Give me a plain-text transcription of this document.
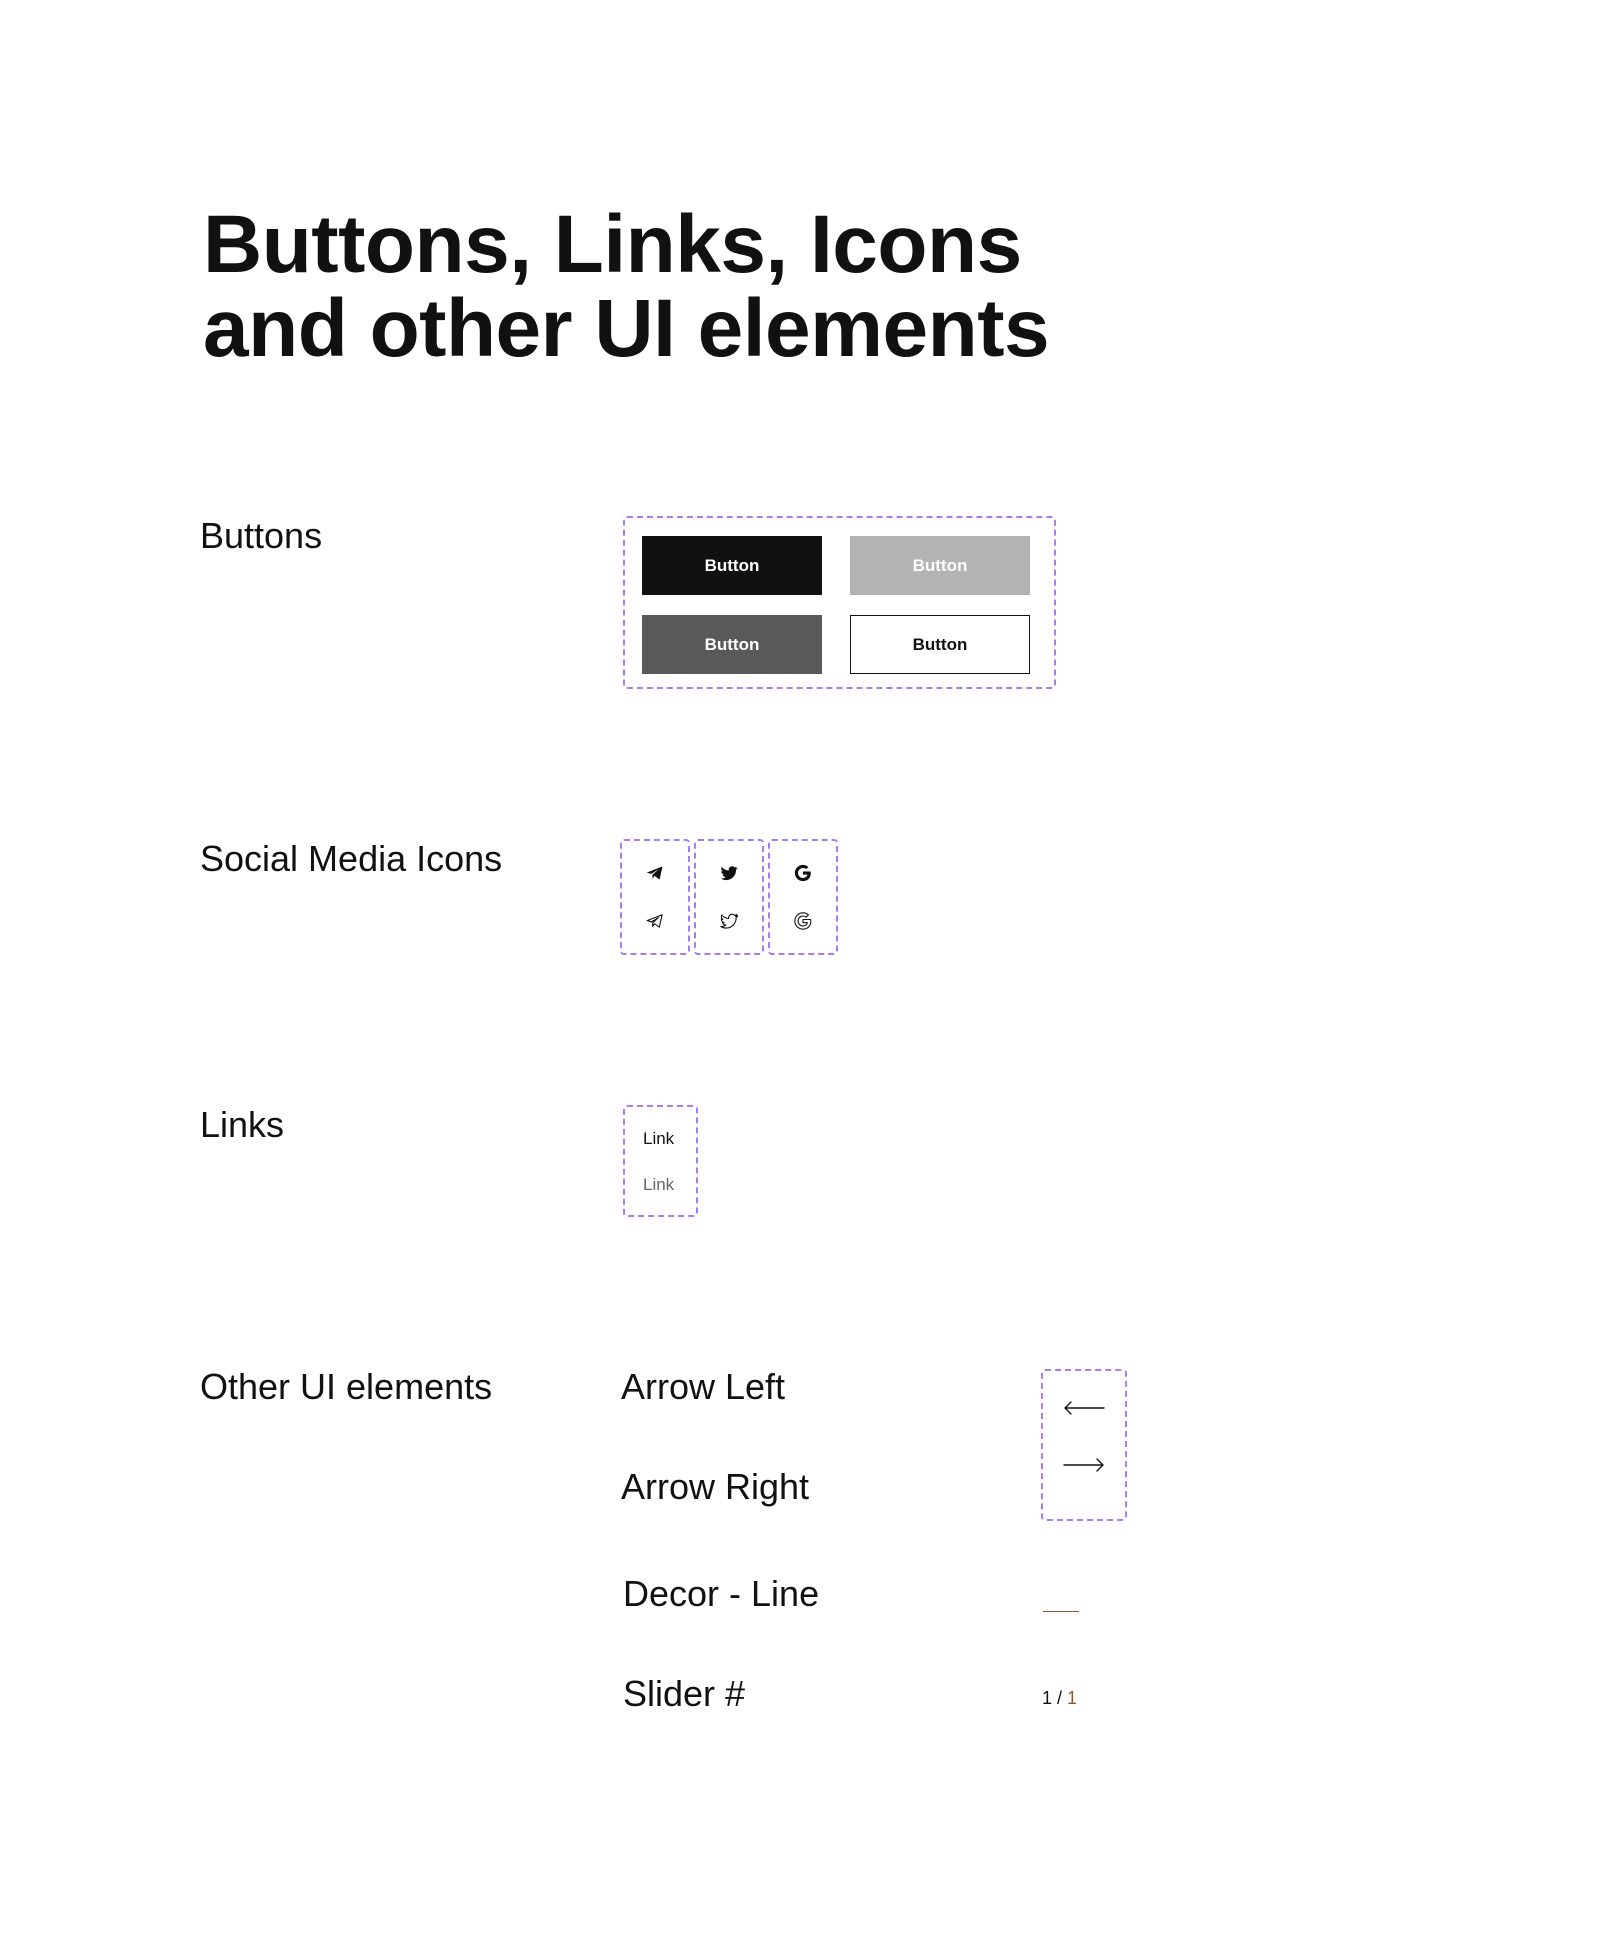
Buttons, Links, Icons
and other UI elements
Buttons
Button	Button
Button	Button
Social Media Icons
Links	Link
Link
Other UI elements	Arrow Left
Arrow Right
Decor - Line
Slider #	1 / 1
